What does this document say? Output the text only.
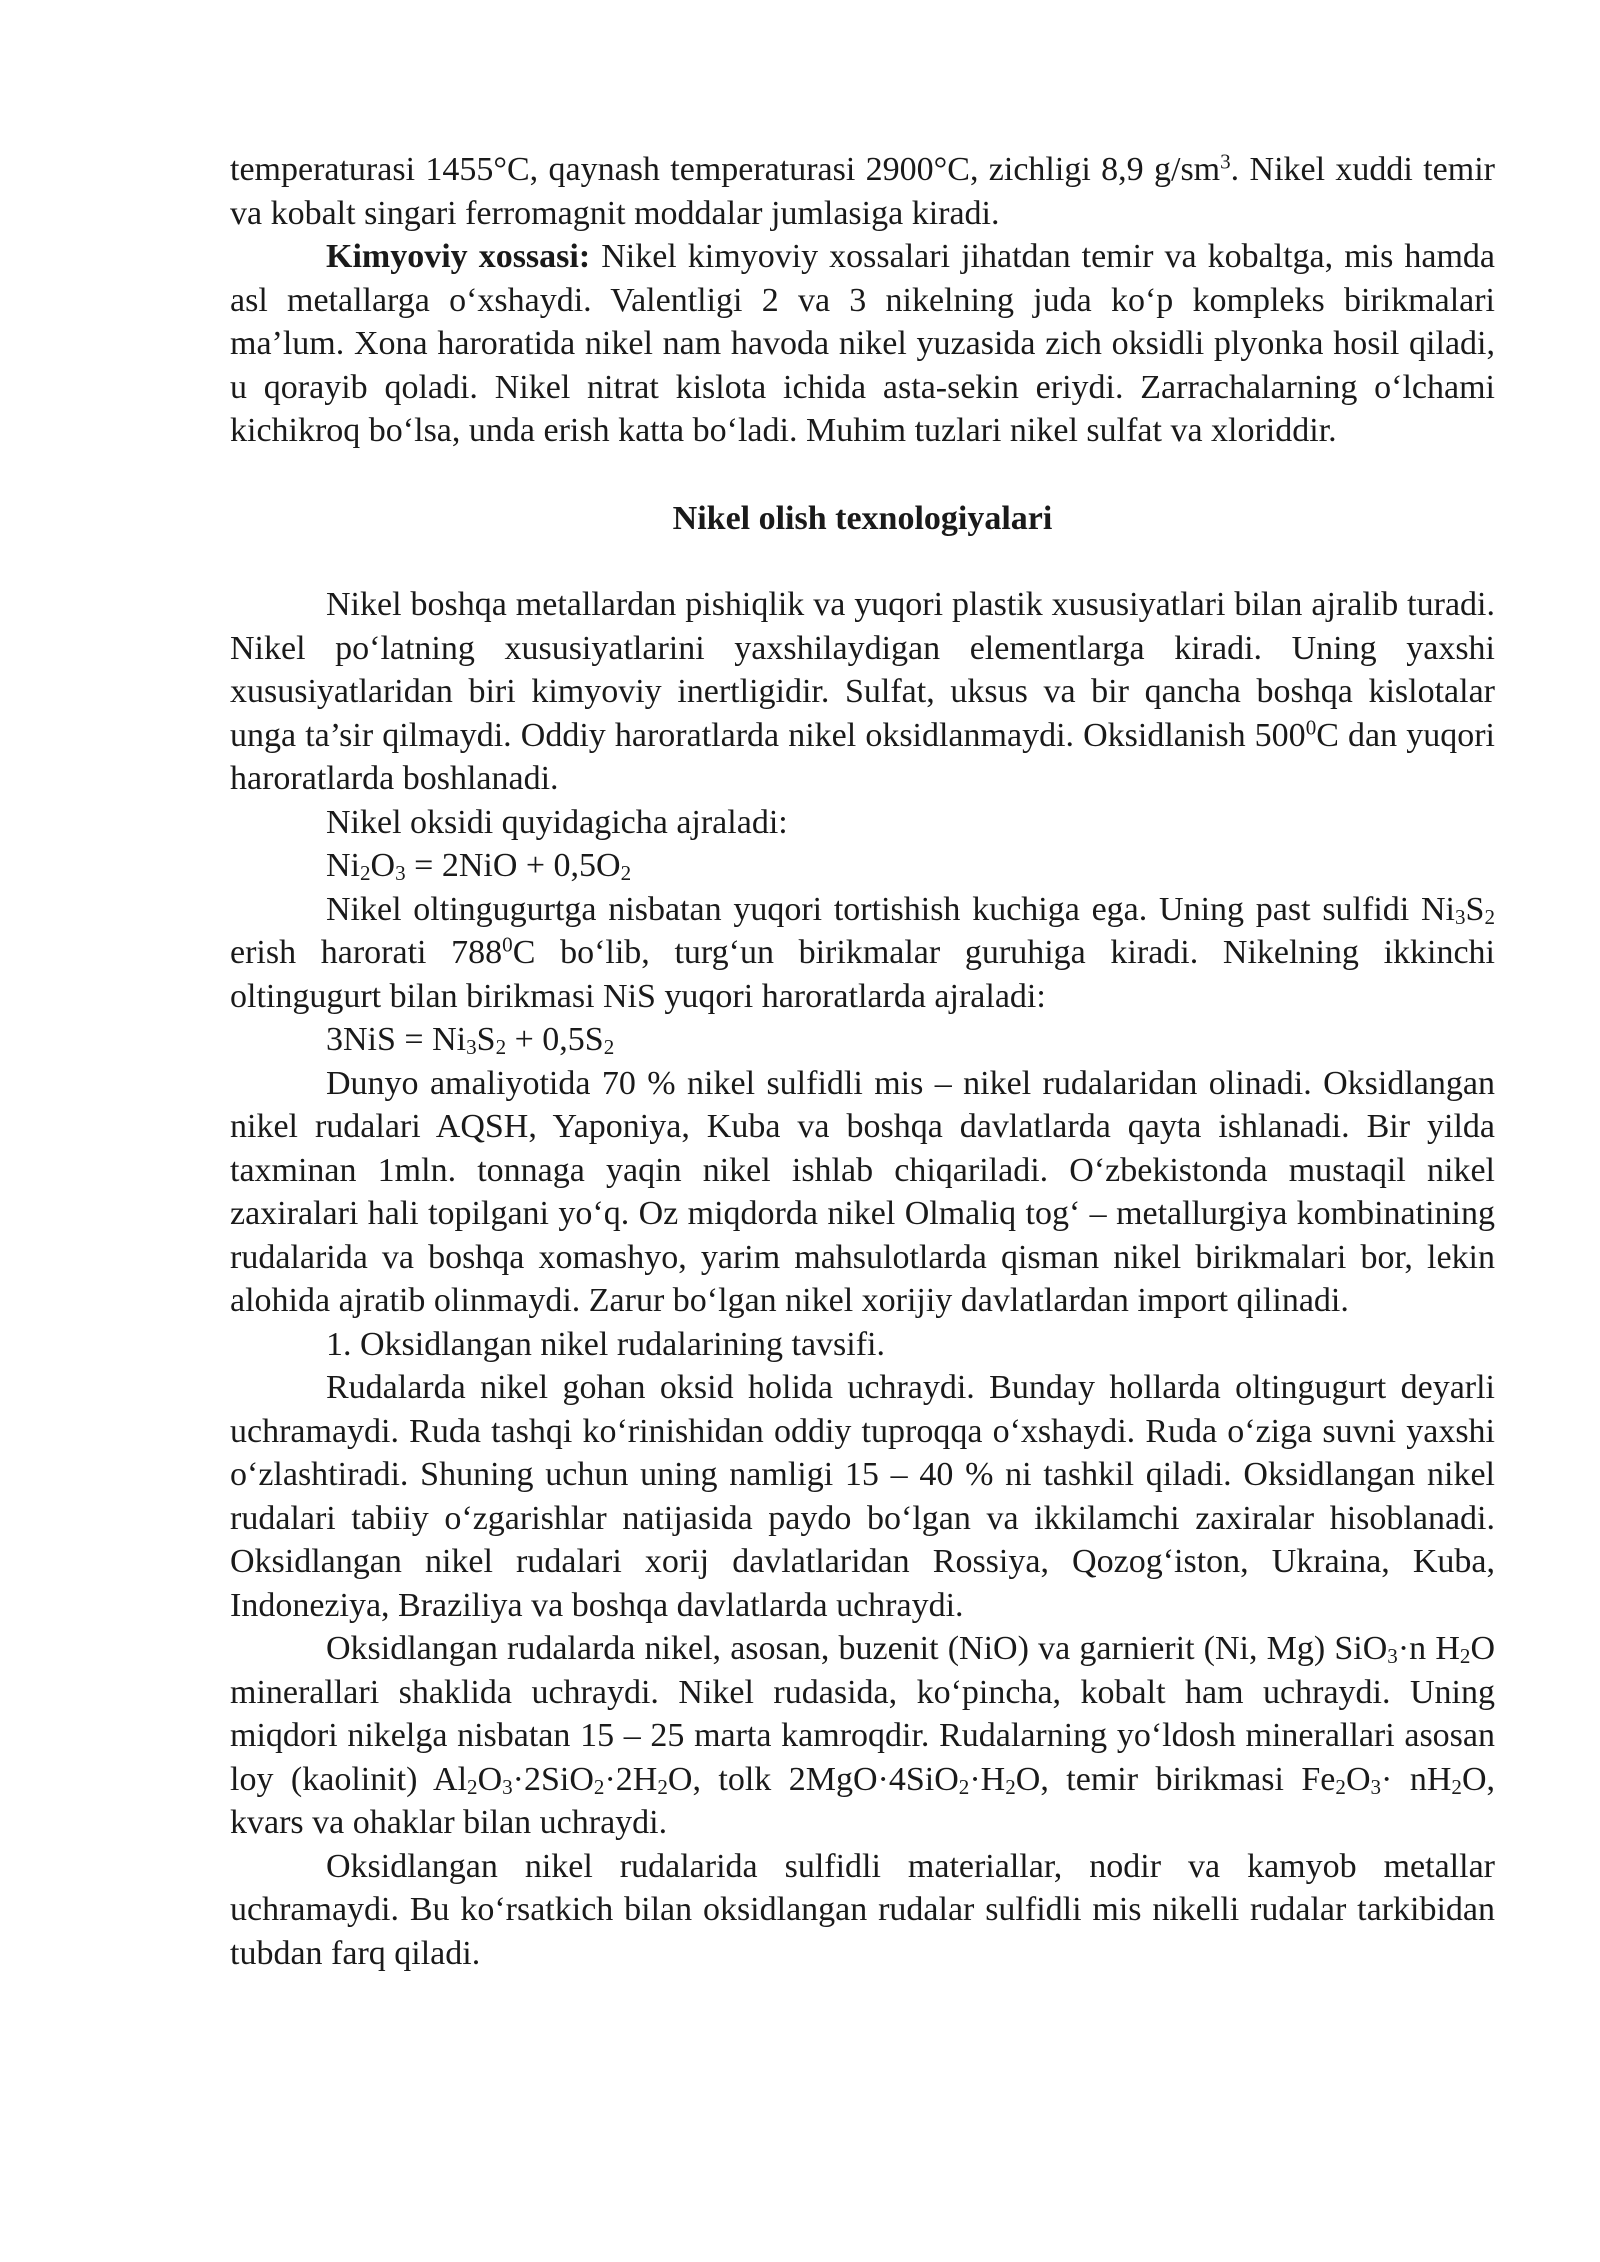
temperaturasi 1455°C, qaynash temperaturasi 2900°C, zichligi 8,9 $g/sm^3$. Nikel xuddi temir va kobalt singari ferromagnit moddalar jumlasiga kiradi.

Kimyoviy xossasi: Nikel kimyoviy xossalari jihatdan temir va kobaltga, mis hamda asl metallarga o‘xshaydi. Valentligi 2 va 3 nikelning juda ko‘p kompleks birikmalari ma’lum. Xona haroratida nikel nam havoda nikel yuzasida zich oksidli plyonka hosil qiladi, u qorayib qoladi. Nikel nitrat kislota ichida asta-sekin eriydi. Zarrachalarning o‘lchami kichikroq bo‘lsa, unda erish katta bo‘ladi. Muhim tuzlari nikel sulfat va xloriddir.

Nikel olish texnologiyalari

Nikel boshqa metallardan pishiqlik va yuqori plastik xususiyatlari bilan ajralib turadi. Nikel po‘latning xususiyatlarini yaxshilaydigan elementlarga kiradi. Uning yaxshi xususiyatlaridan biri kimyoviy inertligidir. Sulfat, uksus va bir qancha boshqa kislotalar unga ta’sir qilmaydi. Oddiy haroratlarda nikel oksidlanmaydi. Oksidlanish $500^0C$ dan yuqori haroratlarda boshlanadi.

Nikel oksidi quyidagicha ajraladi:

$Ni_2O_3 = 2NiO + 0,5O_2$

Nikel oltingugurtga nisbatan yuqori tortishish kuchiga ega. Uning past sulfidi $Ni_3S_2$ erish harorati $788^0C$ bo‘lib, turg‘un birikmalar guruhiga kiradi. Nikelning ikkinchi oltingugurt bilan birikmasi NiS yuqori haroratlarda ajraladi:

$3NiS = Ni_3S_2 + 0,5S_2$

Dunyo amaliyotida 70 % nikel sulfidli mis – nikel rudalaridan olinadi. Oksidlangan nikel rudalari AQSH, Yaponiya, Kuba va boshqa davlatlarda qayta ishlanadi. Bir yilda taxminan 1mln. tonnaga yaqin nikel ishlab chiqariladi. O‘zbekistonda mustaqil nikel zaxiralari hali topilgani yo‘q. Oz miqdorda nikel Olmaliq tog‘ – metallurgiya kombinatining rudalarida va boshqa xomashyo, yarim mahsulotlarda qisman nikel birikmalari bor, lekin alohida ajratib olinmaydi. Zarur bo‘lgan nikel xorijiy davlatlardan import qilinadi.

1. Oksidlangan nikel rudalarining tavsifi.

Rudalarda nikel gohan oksid holida uchraydi. Bunday hollarda oltingugurt deyarli uchramaydi. Ruda tashqi ko‘rinishidan oddiy tuproqqa o‘xshaydi. Ruda o‘ziga suvni yaxshi o‘zlashtiradi. Shuning uchun uning namligi 15 – 40 % ni tashkil qiladi. Oksidlangan nikel rudalari tabiiy o‘zgarishlar natijasida paydo bo‘lgan va ikkilamchi zaxiralar hisoblanadi. Oksidlangan nikel rudalari xorij davlatlaridan Rossiya, Qozog‘iston, Ukraina, Kuba, Indoneziya, Braziliya va boshqa davlatlarda uchraydi.

Oksidlangan rudalarda nikel, asosan, buzenit (NiO) va garnierit (Ni, Mg) SiO$_3$·n $H_2O$ minerallari shaklida uchraydi. Nikel rudasida, ko‘pincha, kobalt ham uchraydi. Uning miqdori nikelga nisbatan 15 – 25 marta kamroqdir. Rudalarning yo‘ldosh minerallari asosan loy (kaolinit) $Al_2O_3\cdot 2SiO_2\cdot 2H_2O$, tolk $2MgO\cdot 4SiO_2\cdot H_2O$, temir birikmasi $Fe_2O_3\cdot nH_2O$, kvars va ohaklar bilan uchraydi.

Oksidlangan nikel rudalarida sulfidli materiallar, nodir va kamyob metallar uchramaydi. Bu ko‘rsatkich bilan oksidlangan rudalar sulfidli mis nikelli rudalar tarkibidan tubdan farq qiladi.
